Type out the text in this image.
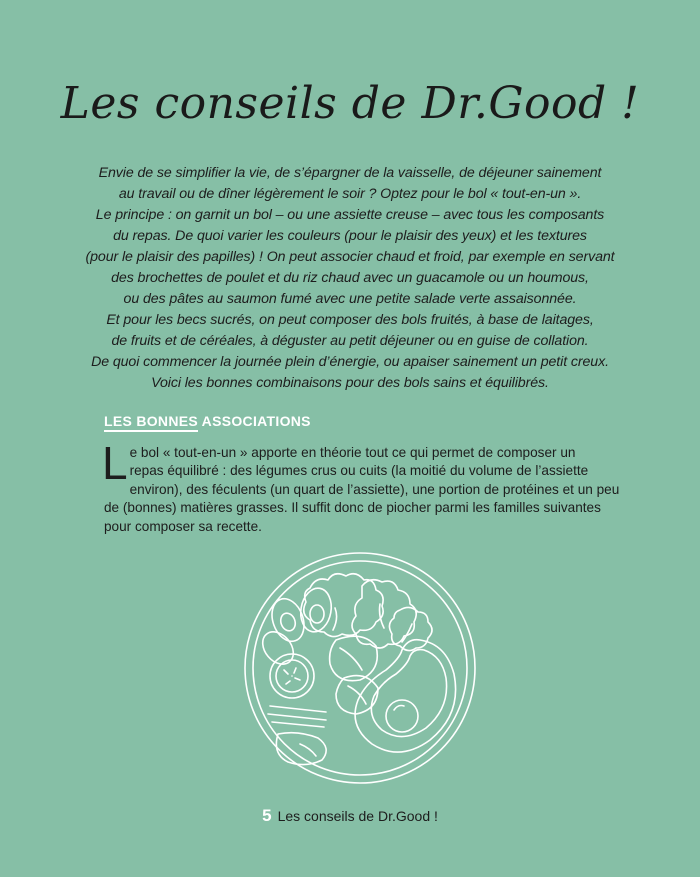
Les conseils de Dr.Good !
Envie de se simplifier la vie, de s’épargner de la vaisselle, de déjeuner sainement
au travail ou de dîner légèrement le soir ? Optez pour le bol « tout-en-un ».
Le principe : on garnit un bol – ou une assiette creuse – avec tous les composants
du repas. De quoi varier les couleurs (pour le plaisir des yeux) et les textures
(pour le plaisir des papilles) ! On peut associer chaud et froid, par exemple en servant
des brochettes de poulet et du riz chaud avec un guacamole ou un houmous,
ou des pâtes au saumon fumé avec une petite salade verte assaisonnée.
Et pour les becs sucrés, on peut composer des bols fruités, à base de laitages,
de fruits et de céréales, à déguster au petit déjeuner ou en guise de collation.
De quoi commencer la journée plein d’énergie, ou apaiser sainement un petit creux.
Voici les bonnes combinaisons pour des bols sains et équilibrés.
LES BONNES ASSOCIATIONS
L e bol « tout-en-un » apporte en théorie tout ce qui permet de composer un
repas équilibré : des légumes crus ou cuits (la moitié du volume de l’assiette
environ), des féculents (un quart de l’assiette), une portion de protéines et un peu
de (bonnes) matières grasses. Il suffit donc de piocher parmi les familles suivantes
pour composer sa recette.
5 Les conseils de Dr.Good !
